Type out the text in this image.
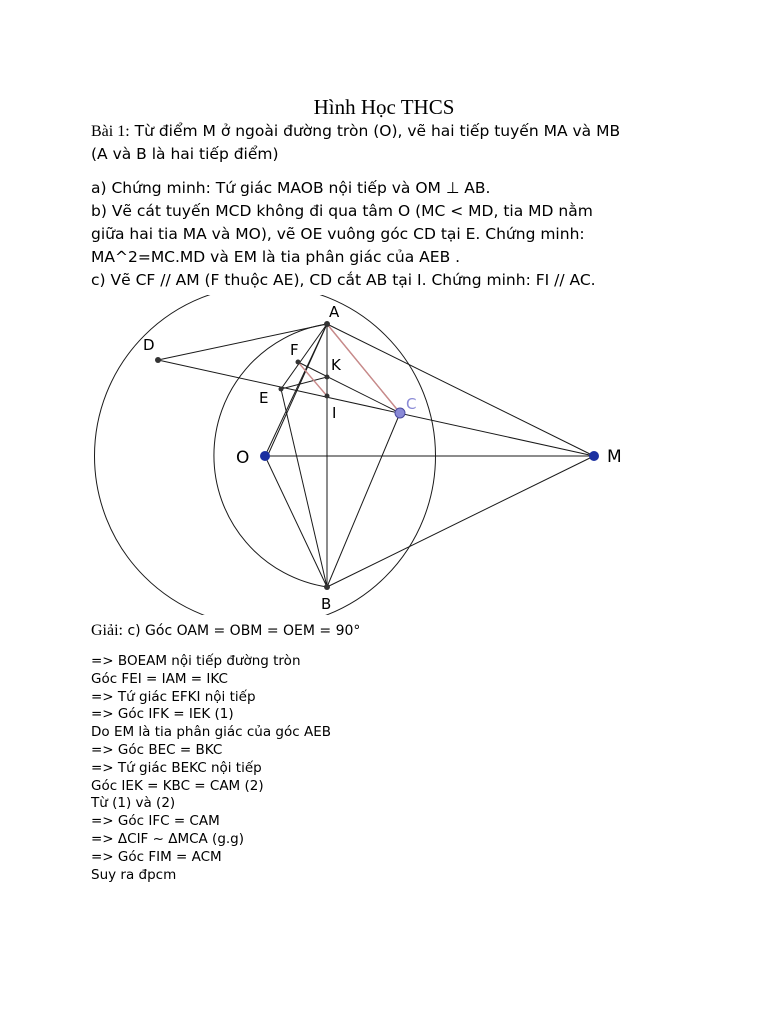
Hình Học THCS

Bài 1: Từ điểm M ở ngoài đường tròn (O), vẽ hai tiếp tuyến MA và MB

(A và B là hai tiếp điểm)

a) Chứng minh: Tứ giác MAOB nội tiếp và OM ⊥ AB.

b) Vẽ cát tuyến MCD không đi qua tâm O (MC < MD, tia MD nằm

giữa hai tia MA và MO), vẽ OE vuông góc CD tại E. Chứng minh:

MA^2=MC.MD và EM là tia phân giác của AEB .

c) Vẽ CF // AM (F thuộc AE), CD cắt AB tại I. Chứng minh: FI // AC.

A
B
C
D
E
F
K
I
O	M

Giải: c) Góc OAM = OBM = OEM = 90°

=> BOEAM nội tiếp đường tròn

Góc FEI = IAM = IKC

=> Tứ giác EFKI nội tiếp

=> Góc IFK = IEK (1)

Do EM là tia phân giác của góc AEB

=> Góc BEC = BKC

=> Tứ giác BEKC nội tiếp

Góc IEK = KBC = CAM (2)

Từ (1) và (2)

=> Góc IFC = CAM

=> ΔCIF ~ ΔMCA (g.g)

=> Góc FIM = ACM

Suy ra đpcm
